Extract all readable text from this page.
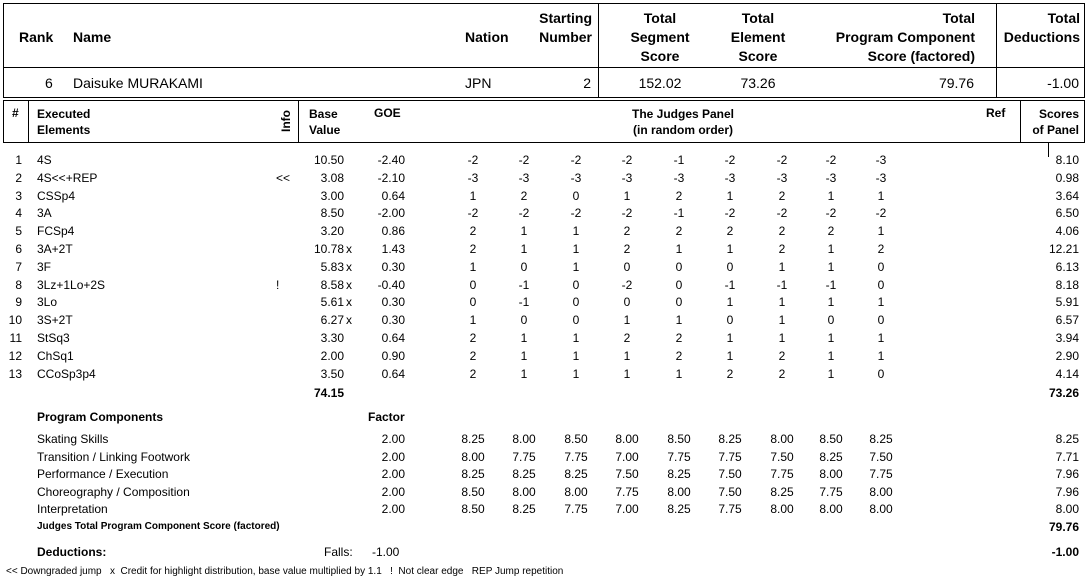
Rank Name	Nation
Starting
Number
Total
Segment
Score
Total
Element
Score
Total
Program Component
Score (factored)
Total
Deductions
6 Daisuke MURAKAMI	JPN	2	152.02	73.26	79.76	-1.00
# Executed
Elements	Info Base
Value
GOE	The Judges Panel
(in random order)
Ref	Scores
of Panel
1 4S	10.50	-2.40	-2	-2	-2	-2	-1	-2	-2	-2	-3	8.10
2 4S<<+REP	<<	3.08	-2.10	-3	-3	-3	-3	-3	-3	-3	-3	-3	0.98
3 CSSp4	3.00	0.64	1	2	0	1	2	1	2	1	1	3.64
4 3A	8.50	-2.00	-2	-2	-2	-2	-1	-2	-2	-2	-2	6.50
5 FCSp4	3.20	0.86	2	1	1	2	2	2	2	2	1	4.06
6 3A+2T	10.78 x	1.43	2	1	1	2	1	1	2	1	2	12.21
7 3F	5.83 x	0.30	1	0	1	0	0	0	1	1	0	6.13
8 3Lz+1Lo+2S	!	8.58 x	-0.40	0	-1	0	-2	0	-1	-1	-1	0	8.18
9 3Lo	5.61 x	0.30	0	-1	0	0	0	1	1	1	1	5.91
10 3S+2T	6.27 x	0.30	1	0	0	1	1	0	1	0	0	6.57
11 StSq3	3.30	0.64	2	1	1	2	2	1	1	1	1	3.94
12 ChSq1	2.00	0.90	2	1	1	1	2	1	2	1	1	2.90
13 CCoSp3p4	3.50	0.64	2	1	1	1	1	2	2	1	0	4.14
74.15	73.26
Program Components	Factor
Skating Skills	2.00	8.25	8.00	8.50	8.00	8.50	8.25	8.00	8.50	8.25	8.25
Transition / Linking Footwork	2.00	8.00	7.75	7.75	7.00	7.75	7.75	7.50	8.25	7.50	7.71
Performance / Execution	2.00	8.25	8.25	8.25	7.50	8.25	7.50	7.75	8.00	7.75	7.96
Choreography / Composition	2.00	8.50	8.00	8.00	7.75	8.00	7.50	8.25	7.75	8.00	7.96
Interpretation	2.00	8.50	8.25	7.75	7.00	8.25	7.75	8.00	8.00	8.00	8.00
Judges Total Program Component Score (factored)	79.76
Deductions:	Falls: -1.00	-1.00
<< Downgraded jump   x  Credit for highlight distribution, base value multiplied by 1.1   !  Not clear edge   REP Jump repetition
